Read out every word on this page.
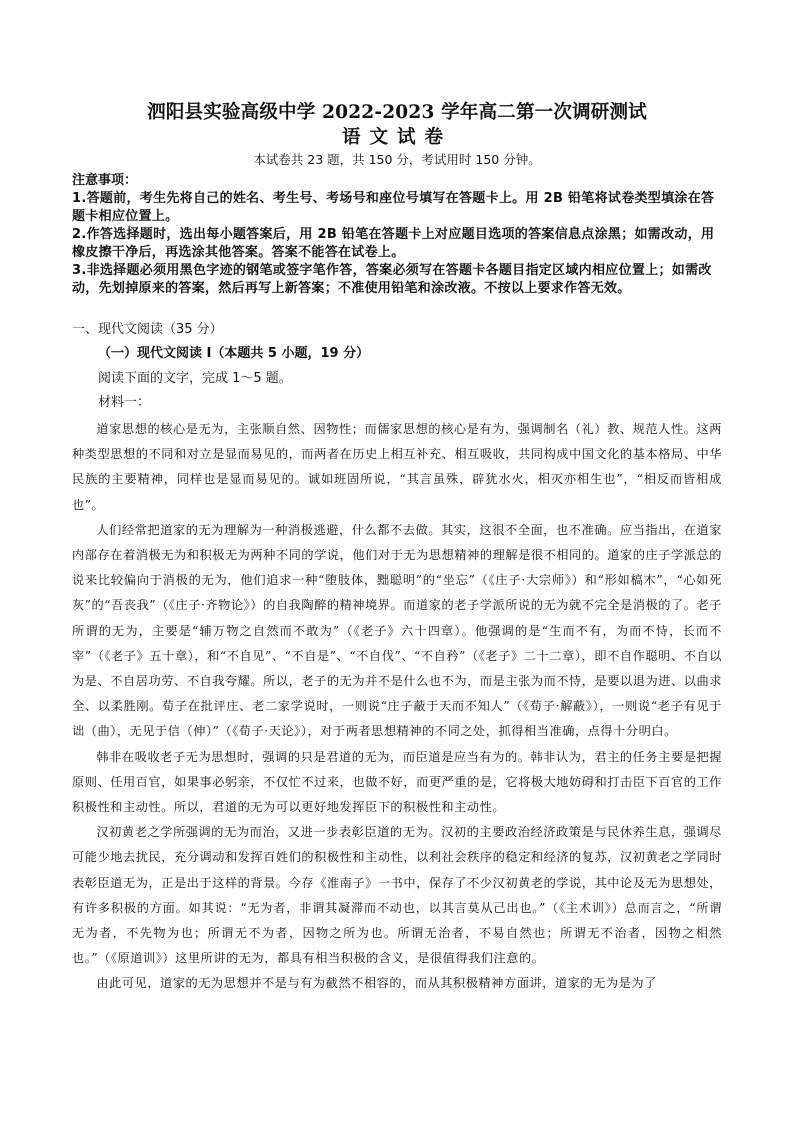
泗阳县实验高级中学 2022-2023 学年高二第一次调研测试
语文试卷

本试卷共 23 题，共 150 分，考试用时 150 分钟。

注意事项：

1.答题前，考生先将自己的姓名、考生号、考场号和座位号填写在答题卡上。用 2B 铅笔将试卷类型填涂在答题卡相应位置上。

2.作答选择题时，选出每小题答案后，用 2B 铅笔在答题卡上对应题目选项的答案信息点涂黑；如需改动，用橡皮擦干净后，再选涂其他答案。答案不能答在试卷上。

3.非选择题必须用黑色字迹的钢笔或签字笔作答，答案必须写在答题卡各题目指定区域内相应位置上；如需改动，先划掉原来的答案，然后再写上新答案；不准使用铅笔和涂改液。不按以上要求作答无效。

一、现代文阅读（35 分）

（一）现代文阅读 I（本题共 5 小题，19 分）

阅读下面的文字，完成 1～5 题。

材料一：

道家思想的核心是无为，主张顺自然、因物性；而儒家思想的核心是有为，强调制名（礼）教、规范人性。这两种类型思想的不同和对立是显而易见的，而两者在历史上相互补充、相互吸收，共同构成中国文化的基本格局、中华民族的主要精神，同样也是显而易见的。诚如班固所说，“其言虽殊，辟犹水火，相灭亦相生也”，“相反而皆相成也”。

人们经常把道家的无为理解为一种消极逃避，什么都不去做。其实，这很不全面，也不准确。应当指出，在道家内部存在着消极无为和积极无为两种不同的学说，他们对于无为思想精神的理解是很不相同的。道家的庄子学派总的说来比较偏向于消极的无为，他们追求一种“堕肢体，黜聪明”的“坐忘”（《庄子·大宗师》）和“形如槁木”，“心如死灰”的“吾丧我”（《庄子·齐物论》）的自我陶醉的精神境界。而道家的老子学派所说的无为就不完全是消极的了。老子所谓的无为，主要是“辅万物之自然而不敢为”（《老子》六十四章）。他强调的是“生而不有，为而不恃，长而不宰”（《老子》五十章），和“不自见”、“不自是”、“不自伐”、“不自矜”（《老子》二十二章），即不自作聪明、不自以为是、不自居功劳、不自我夸耀。所以，老子的无为并不是什么也不为，而是主张为而不恃，是要以退为进、以曲求全、以柔胜刚。荀子在批评庄、老二家学说时，一则说“庄子蔽于天而不知人”（《荀子·解蔽》），一则说“老子有见于诎（曲），无见于信（伸）”（《荀子·天论》），对于两者思想精神的不同之处，抓得相当准确，点得十分明白。

韩非在吸收老子无为思想时，强调的只是君道的无为，而臣道是应当有为的。韩非认为，君主的任务主要是把握原则、任用百官，如果事必躬亲，不仅忙不过来，也做不好，而更严重的是，它将极大地妨碍和打击臣下百官的工作积极性和主动性。所以，君道的无为可以更好地发挥臣下的积极性和主动性。

汉初黄老之学所强调的无为而治，又进一步表彰臣道的无为。汉初的主要政治经济政策是与民休养生息，强调尽可能少地去扰民，充分调动和发挥百姓们的积极性和主动性，以利社会秩序的稳定和经济的复苏，汉初黄老之学同时表彰臣道无为，正是出于这样的背景。今存《淮南子》一书中，保存了不少汉初黄老的学说，其中论及无为思想处，有许多积极的方面。如其说：“无为者，非谓其凝滞而不动也，以其言莫从己出也。”（《主术训》）总而言之，“所谓无为者，不先物为也；所谓无不为者，因物之所为也。所谓无治者，不易自然也；所谓无不治者，因物之相然也。”（《原道训》）这里所讲的无为，都具有相当积极的含义，是很值得我们注意的。

由此可见，道家的无为思想并不是与有为截然不相容的，而从其积极精神方面讲，道家的无为是为了
